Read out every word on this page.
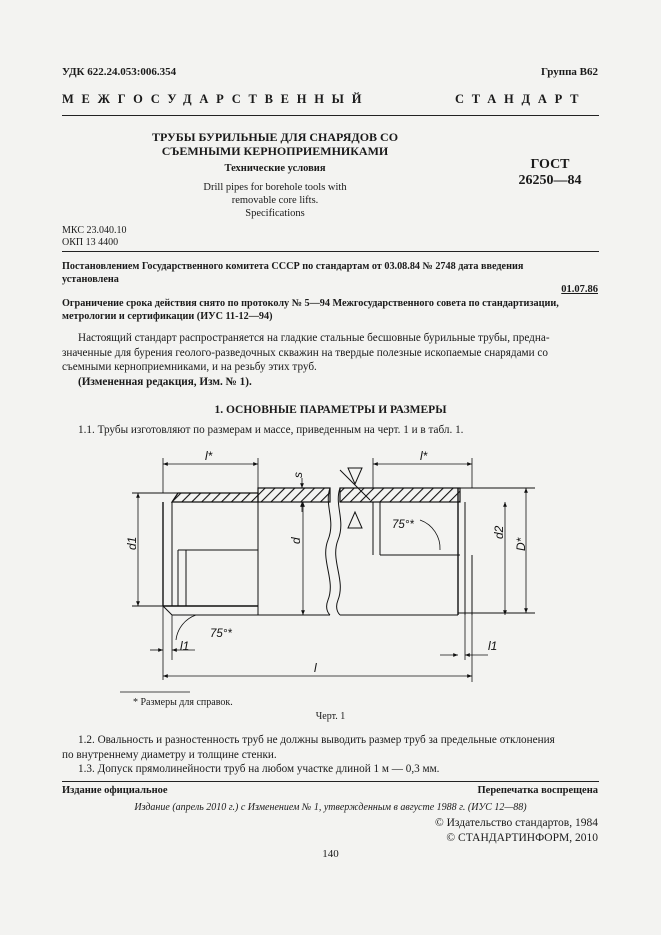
УДК 622.24.053:006.354	Группа В62
МЕЖГОСУДАРСТВЕННЫЙ	СТАНДАРТ
ТРУБЫ БУРИЛЬНЫЕ ДЛЯ СНАРЯДОВ СО
СЪЕМНЫМИ КЕРНОПРИЕМНИКАМИ
Технические условия
Drill pipes for borehole tools with
removable core lifts.
Specifications
ГОСТ
26250—84
МКС 23.040.10
ОКП 13 4400
Постановлением Государственного комитета СССР по стандартам от 03.08.84 № 2748 дата введения
установлена
01.07.86
Ограничение срока действия снято по протоколу № 5—94 Межгосударственного совета по стандартизации,
метрологии и сертификации (ИУС 11-12—94)
Настоящий стандарт распространяется на гладкие стальные бесшовные бурильные трубы, предна-
значенные для бурения геолого-разведочных скважин на твердые полезные ископаемые снарядами со
съемными керноприемниками, и на резьбу этих труб.
(Измененная редакция, Изм. № 1).
1. ОСНОВНЫЕ ПАРАМЕТРЫ И РАЗМЕРЫ
1.1. Трубы изготовляют по размерам и массе, приведенным на черт. 1 и в табл. 1.
l*	l*
s
d1	d
d2
D*
75°*
75°*
l1	l1
l
* Размеры для справок.
Черт. 1
1.2. Овальность и разностенность труб не должны выводить размер труб за предельные отклонения
по внутреннему диаметру и толщине стенки.
1.3. Допуск прямолинейности труб на любом участке длиной 1 м — 0,3 мм.
Издание официальное	Перепечатка воспрещена
Издание (апрель 2010 г.) с Изменением № 1, утвержденным в августе 1988 г. (ИУС 12—88)
© Издательство стандартов, 1984
© СТАНДАРТИНФОРМ, 2010
140
